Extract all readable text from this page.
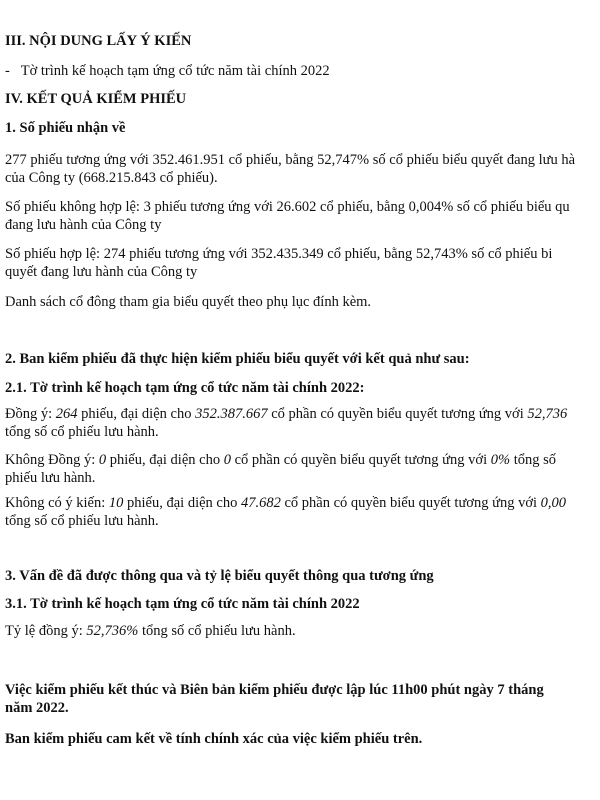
III. NỘI DUNG LẤY Ý KIẾN
- Tờ trình kế hoạch tạm ứng cổ tức năm tài chính 2022
IV. KẾT QUẢ KIỂM PHIẾU
1. Số phiếu nhận về
277 phiếu tương ứng với 352.461.951 cổ phiếu, bằng 52,747% số cổ phiếu biểu quyết đang lưu hà
của Công ty (668.215.843 cổ phiếu).
Số phiếu không hợp lệ: 3 phiếu tương ứng với 26.602 cổ phiếu, bằng 0,004% số cổ phiếu biểu qu
đang lưu hành của Công ty
Số phiếu hợp lệ: 274 phiếu tương ứng với 352.435.349 cổ phiếu, bằng 52,743% số cổ phiếu bi
quyết đang lưu hành của Công ty
Danh sách cổ đông tham gia biểu quyết theo phụ lục đính kèm.
2. Ban kiểm phiếu đã thực hiện kiểm phiếu biểu quyết với kết quả như sau:
2.1. Tờ trình kế hoạch tạm ứng cổ tức năm tài chính 2022:
Đồng ý: 264 phiếu, đại diện cho 352.387.667 cổ phần có quyền biểu quyết tương ứng với 52,736
tổng số cổ phiếu lưu hành.
Không Đồng ý: 0 phiếu, đại diện cho 0 cổ phần có quyền biểu quyết tương ứng với 0% tổng số
phiếu lưu hành.
Không có ý kiến: 10 phiếu, đại diện cho 47.682 cổ phần có quyền biểu quyết tương ứng với 0,00
tổng số cổ phiếu lưu hành.
3. Vấn đề đã được thông qua và tỷ lệ biểu quyết thông qua tương ứng
3.1. Tờ trình kế hoạch tạm ứng cổ tức năm tài chính 2022
Tỷ lệ đồng ý: 52,736% tổng số cổ phiếu lưu hành.
Việc kiểm phiếu kết thúc và Biên bản kiểm phiếu được lập lúc 11h00 phút ngày 7 tháng
năm 2022.
Ban kiểm phiếu cam kết về tính chính xác của việc kiểm phiếu trên.
